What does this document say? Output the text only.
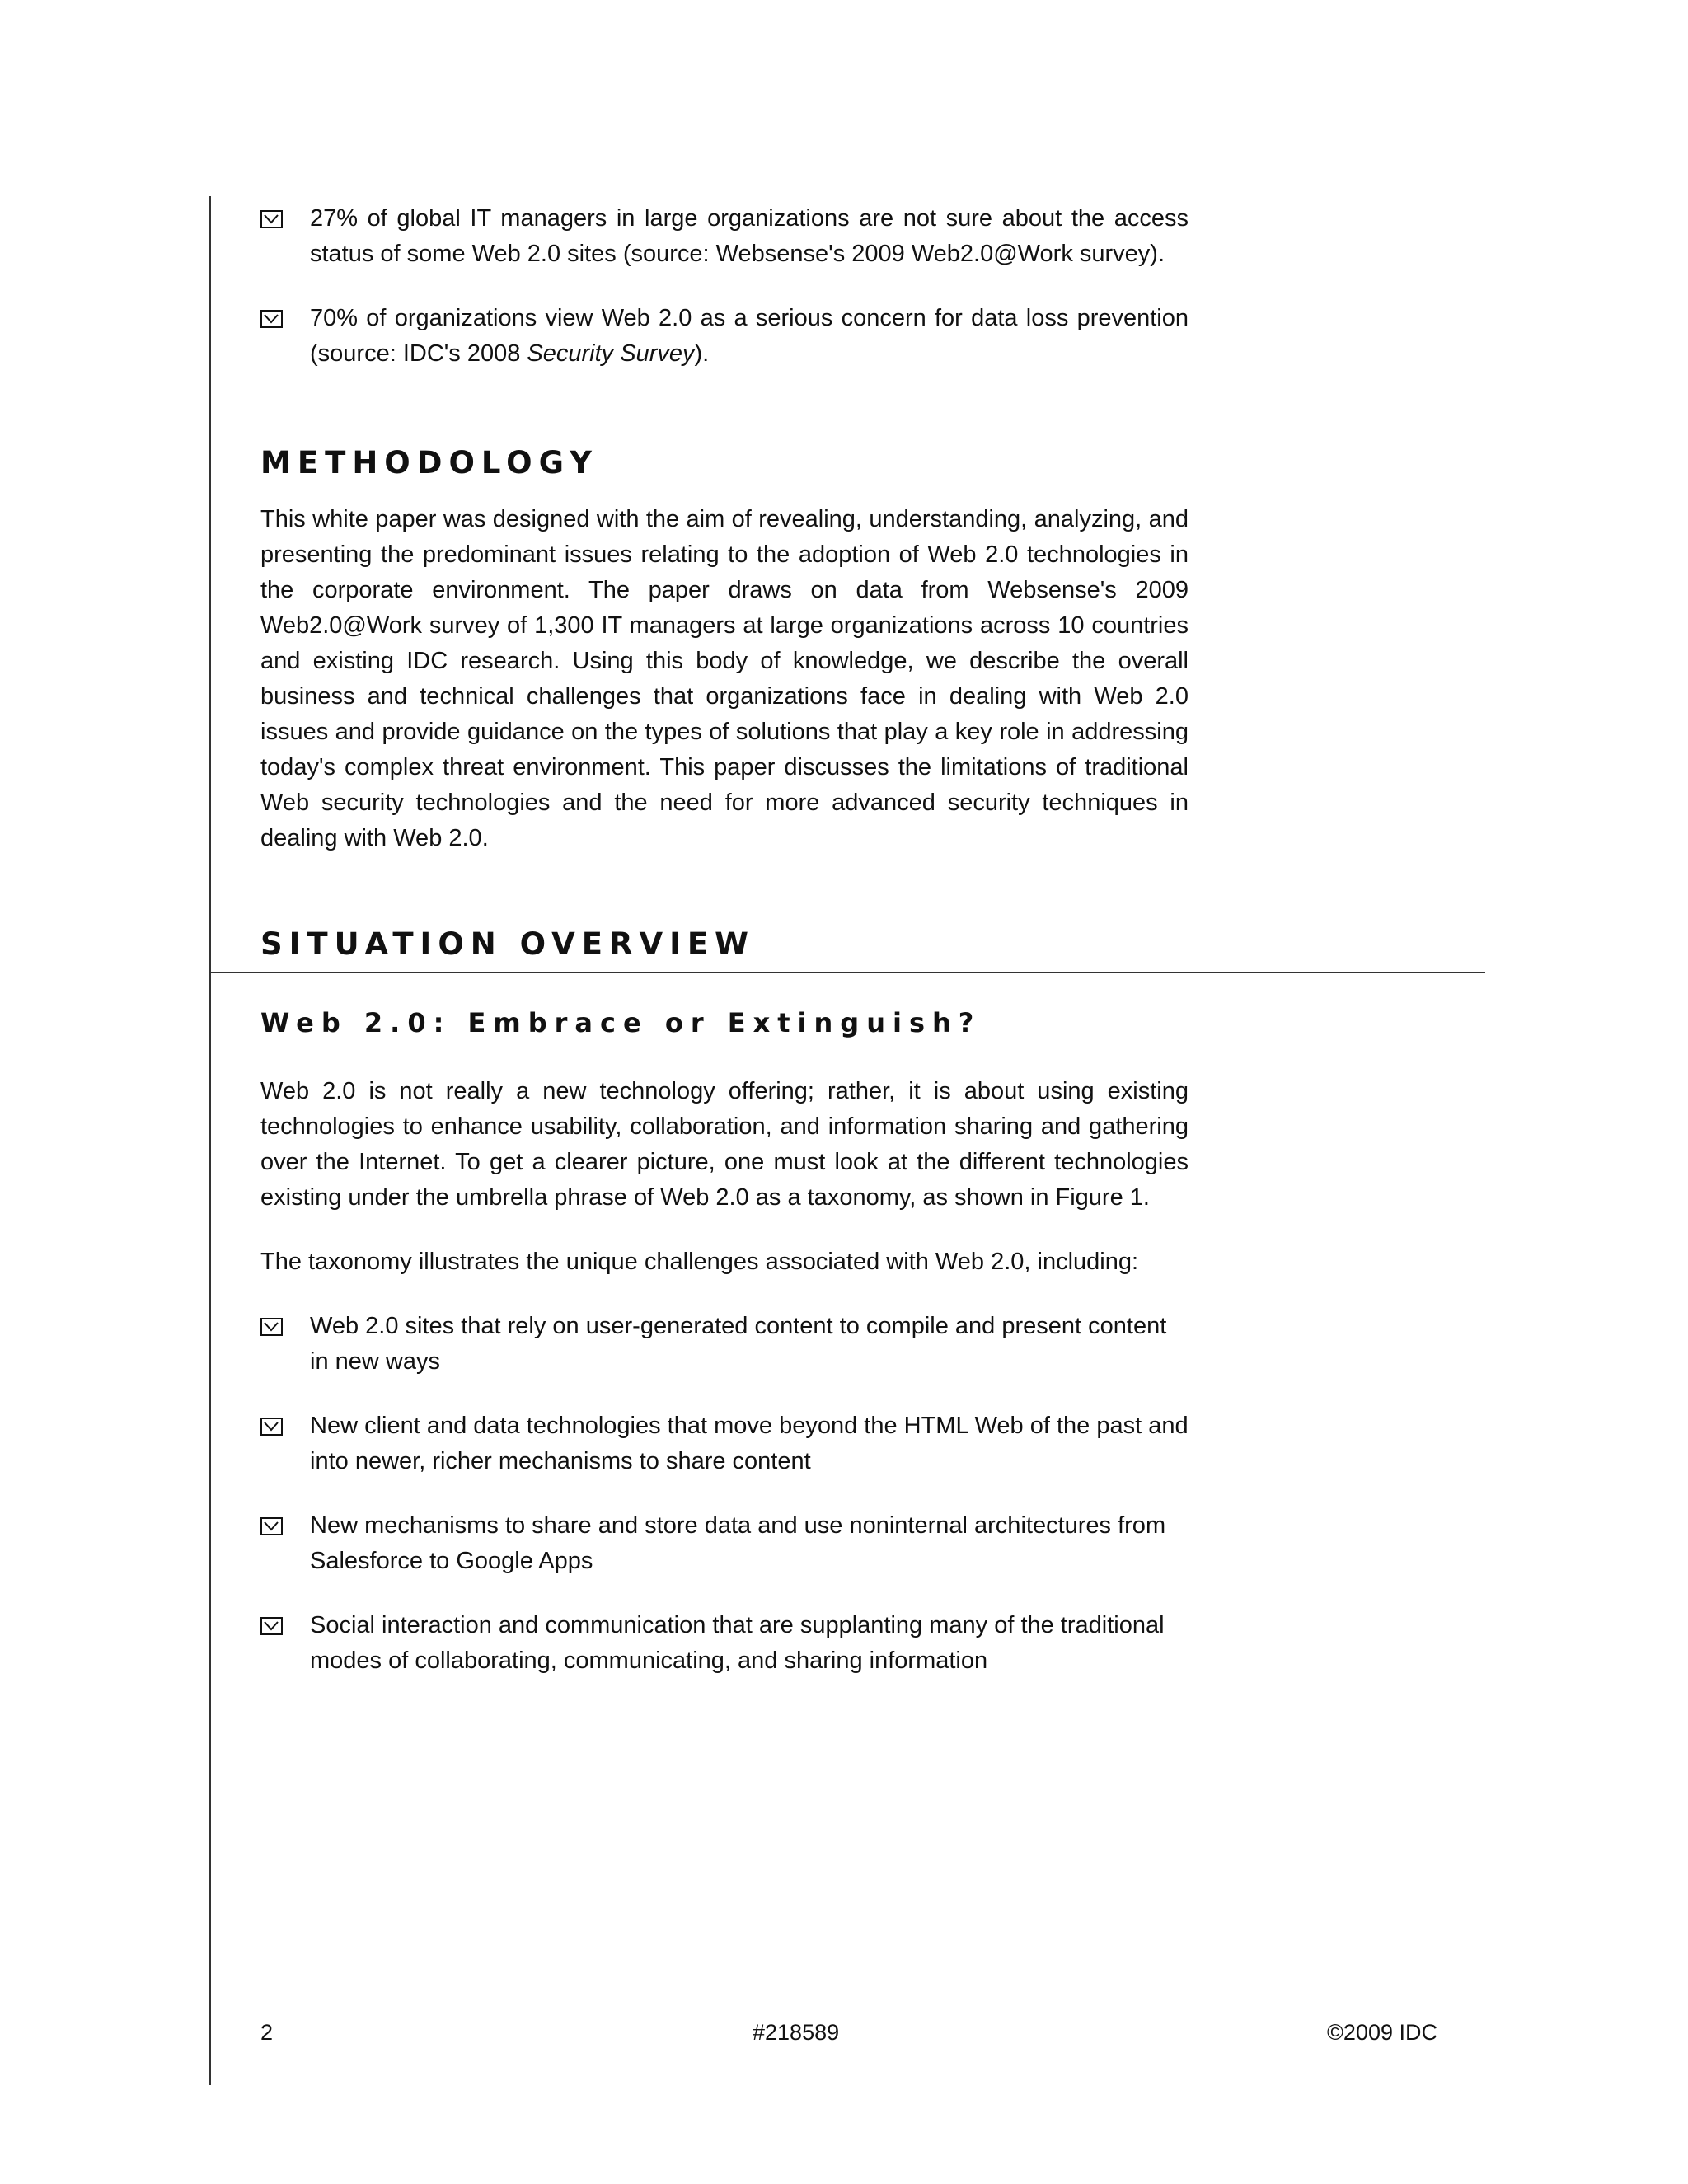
27% of global IT managers in large organizations are not sure about the access status of some Web 2.0 sites (source: Websense's 2009 Web2.0@Work survey).
70% of organizations view Web 2.0 as a serious concern for data loss prevention (source: IDC's 2008 Security Survey).
METHODOLOGY

This white paper was designed with the aim of revealing, understanding, analyzing, and presenting the predominant issues relating to the adoption of Web 2.0 technologies in the corporate environment. The paper draws on data from Websense's 2009 Web2.0@Work survey of 1,300 IT managers at large organizations across 10 countries and existing IDC research. Using this body of knowledge, we describe the overall business and technical challenges that organizations face in dealing with Web 2.0 issues and provide guidance on the types of solutions that play a key role in addressing today's complex threat environment. This paper discusses the limitations of traditional Web security technologies and the need for more advanced security techniques in dealing with Web 2.0.

SITUATION OVERVIEW
Web 2.0: Embrace or Extinguish?

Web 2.0 is not really a new technology offering; rather, it is about using existing technologies to enhance usability, collaboration, and information sharing and gathering over the Internet. To get a clearer picture, one must look at the different technologies existing under the umbrella phrase of Web 2.0 as a taxonomy, as shown in Figure 1.

The taxonomy illustrates the unique challenges associated with Web 2.0, including:

Web 2.0 sites that rely on user-generated content to compile and present content in new ways
New client and data technologies that move beyond the HTML Web of the past and into newer, richer mechanisms to share content
New mechanisms to share and store data and use noninternal architectures from Salesforce to Google Apps
Social interaction and communication that are supplanting many of the traditional modes of collaborating, communicating, and sharing information
2	#218589	©2009 IDC
